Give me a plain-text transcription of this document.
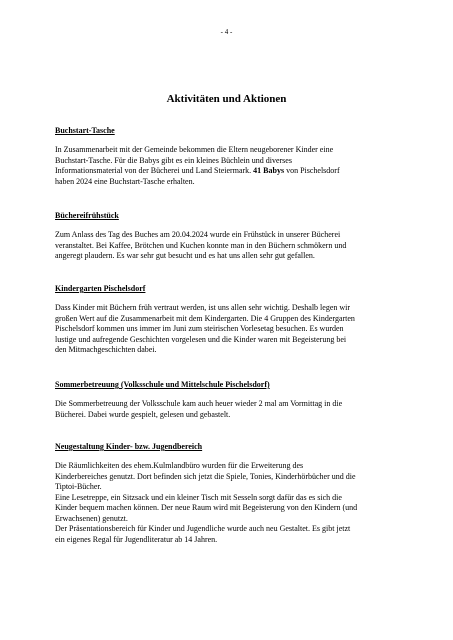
- 4 -
Aktivitäten und Aktionen
Buchstart-Tasche

In Zusammenarbeit mit der Gemeinde bekommen die Eltern neugeborener Kinder eine
Buchstart-Tasche. Für die Babys gibt es ein kleines Büchlein und diverses
Informationsmaterial von der Bücherei und Land Steiermark. 41 Babys von Pischelsdorf
haben 2024 eine Buchstart-Tasche erhalten.

Büchereifrühstück

Zum Anlass des Tag des Buches am 20.04.2024 wurde ein Frühstück in unserer Bücherei
veranstaltet. Bei Kaffee, Brötchen und Kuchen konnte man in den Büchern schmökern und
angeregt plaudern. Es war sehr gut besucht und es hat uns allen sehr gut gefallen.

Kindergarten Pischelsdorf

Dass Kinder mit Büchern früh vertraut werden, ist uns allen sehr wichtig. Deshalb legen wir
großen Wert auf die Zusammenarbeit mit dem Kindergarten. Die 4 Gruppen des Kindergarten
Pischelsdorf kommen uns immer im Juni zum steirischen Vorlesetag besuchen. Es wurden
lustige und aufregende Geschichten vorgelesen und die Kinder waren mit Begeisterung bei
den Mitmachgeschichten dabei.

Sommerbetreuung (Volksschule und Mittelschule Pischelsdorf)

Die Sommerbetreuung der Volksschule kam auch heuer wieder 2 mal am Vormittag in die
Bücherei. Dabei wurde gespielt, gelesen und gebastelt.

Neugestaltung Kinder- bzw. Jugendbereich

Die Räumlichkeiten des ehem.Kulmlandbüro wurden für die Erweiterung des
Kinderbereiches genutzt. Dort befinden sich jetzt die Spiele, Tonies, Kinderhörbücher und die
Tiptoi-Bücher.
Eine Lesetreppe, ein Sitzsack und ein kleiner Tisch mit Sesseln sorgt dafür das es sich die
Kinder bequem machen können. Der neue Raum wird mit Begeisterung von den Kindern (und
Erwachsenen) genutzt.
Der Präsentationsbereich für Kinder und Jugendliche wurde auch neu Gestaltet. Es gibt jetzt
ein eigenes Regal für Jugendliteratur ab 14 Jahren.
